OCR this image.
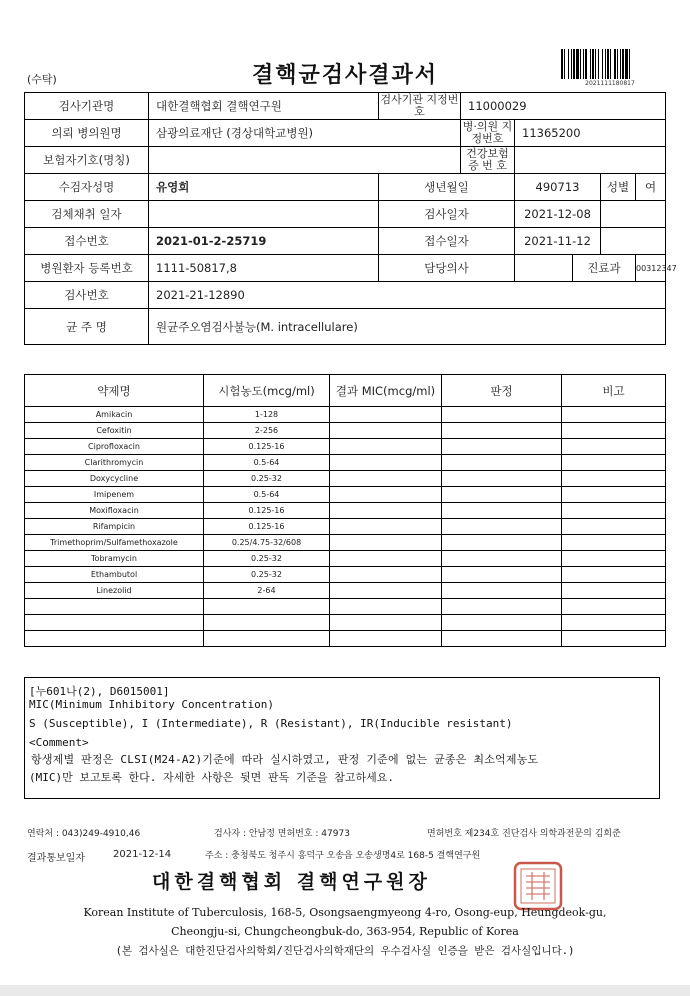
(수탁)	결핵균검사결과서	2021111180817
검사기관명	대한결핵협회 결핵연구원	검사기관 지정번호	11000029				
의뢰 병의원명	삼광의료재단 (경상대학교병원)		병·의원 지정번호	11365200			
보험자기호(명칭)			건강보험 증 번 호				
수검자성명	유영희	생년월일		490713		성별	여
검체채취 일자		검사일자		2021-12-08			
접수번호	2021-01-2-25719	접수일자		2021-11-12			
병원환자 등록번호	1111-50817,8	담당의사			진료과		00312347
검사번호	2021-21-12890						
균 주 명	원균주오염검사불능(M. intracellulare)						
약제명	시험농도(mcg/ml)	결과 MIC(mcg/ml)	판정	비고
Amikacin	1-128			
Cefoxitin	2-256			
Ciprofloxacin	0.125-16			
Clarithromycin	0.5-64			
Doxycycline	0.25-32			
Imipenem	0.5-64			
Moxifloxacin	0.125-16			
Rifampicin	0.125-16			
Trimethoprim/Sulfamethoxazole	0.25/4.75-32/608			
Tobramycin	0.25-32			
Ethambutol	0.25-32			
Linezolid	2-64			

[누601나(2), D6015001]
MIC(Minimum Inhibitory Concentration)
S (Susceptible), I (Intermediate), R (Resistant), IR(Inducible resistant)
<Comment>
항생제별 판정은 CLSI(M24-A2)기준에 따라 실시하였고, 판정 기준에 없는 균종은 최소억제농도
(MIC)만 보고토록 한다. 자세한 사항은 뒷면 판독 기준을 참고하세요.
연락처 : 043)249-4910,46	검사자 : 안남정 면허번호 : 47973	면허번호 제234호 진단검사 의학과전문의 김희준
결과통보일자	2021-12-14	주소 : 충청북도 청주시 흥덕구 오송읍 오송생명4로 168-5 결핵연구원
대한결핵협회 결핵연구원장
Korean Institute of Tuberculosis, 168-5, Osongsaengmyeong 4-ro, Osong-eup, Heungdeok-gu,
Cheongju-si, Chungcheongbuk-do, 363-954, Republic of Korea
(본 검사실은 대한진단검사의학회/진단검사의학재단의 우수검사실 인증을 받은 검사실입니다.)
